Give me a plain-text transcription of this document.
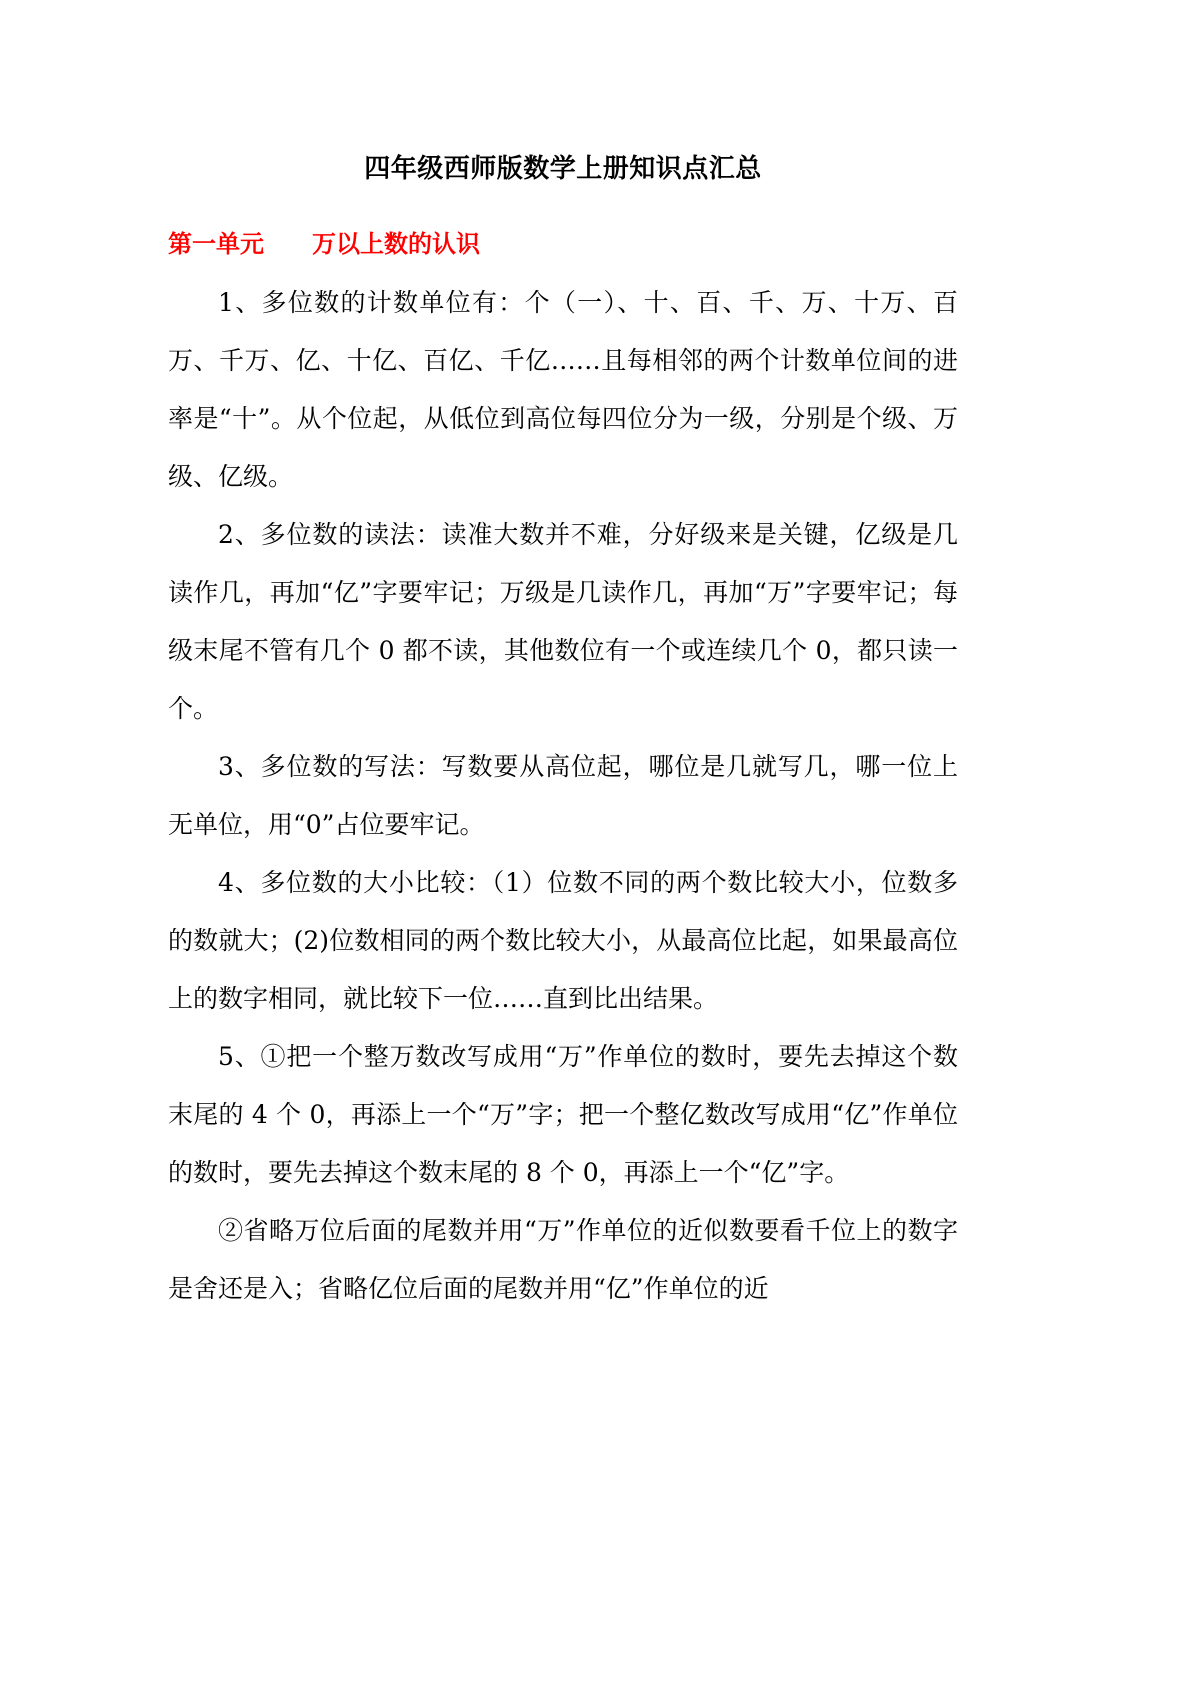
四年级西师版数学上册知识点汇总
第一单元　　万以上数的认识

1、多位数的计数单位有：个（一）、十、百、千、万、十万、百万、千万、亿、十亿、百亿、千亿……且每相邻的两个计数单位间的进率是“十”。从个位起，从低位到高位每四位分为一级，分别是个级、万级、亿级。

2、多位数的读法：读准大数并不难，分好级来是关键，亿级是几读作几，再加“亿”字要牢记；万级是几读作几，再加“万”字要牢记；每级末尾不管有几个 0 都不读，其他数位有一个或连续几个 0，都只读一个。

3、多位数的写法：写数要从高位起，哪位是几就写几，哪一位上无单位，用“0”占位要牢记。

4、多位数的大小比较：（1）位数不同的两个数比较大小，位数多的数就大；(2)位数相同的两个数比较大小，从最高位比起，如果最高位上的数字相同，就比较下一位……直到比出结果。

5、①把一个整万数改写成用“万”作单位的数时，要先去掉这个数末尾的 4 个 0，再添上一个“万”字；把一个整亿数改写成用“亿”作单位的数时，要先去掉这个数末尾的 8 个 0，再添上一个“亿”字。

②省略万位后面的尾数并用“万”作单位的近似数要看千位上的数字是舍还是入；省略亿位后面的尾数并用“亿”作单位的近
